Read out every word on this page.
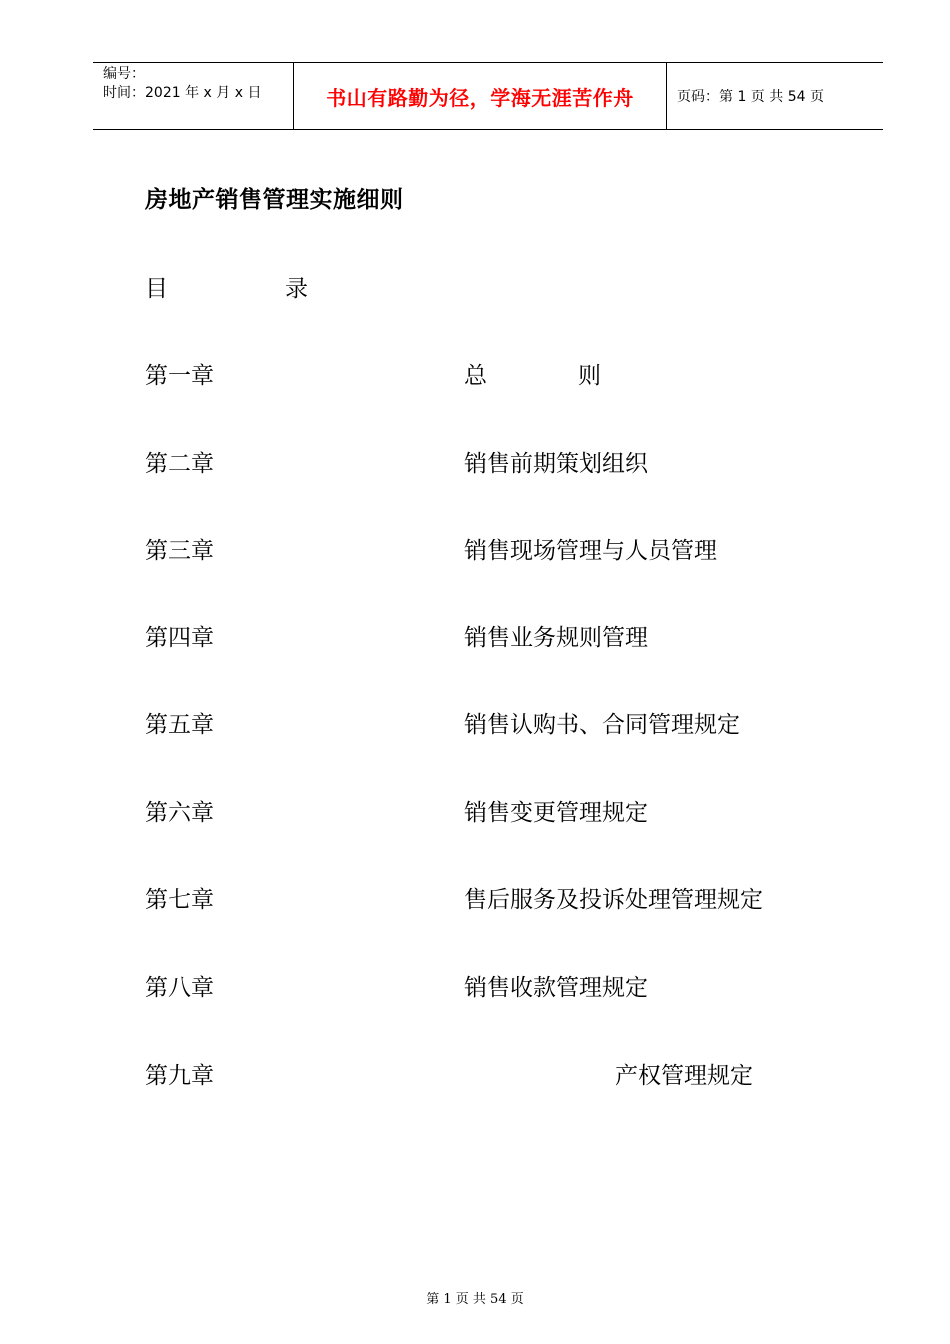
编号：
时间：2021 年 x 月 x 日	书山有路勤为径，学海无涯苦作舟	页码：第 1 页 共 54 页
房地产销售管理实施细则
目	录
第一章	总	则
第二章	销售前期策划组织
第三章	销售现场管理与人员管理
第四章	销售业务规则管理
第五章	销售认购书、合同管理规定
第六章	销售变更管理规定
第七章	售后服务及投诉处理管理规定
第八章	销售收款管理规定
第九章	产权管理规定
第 1 页 共 54 页
